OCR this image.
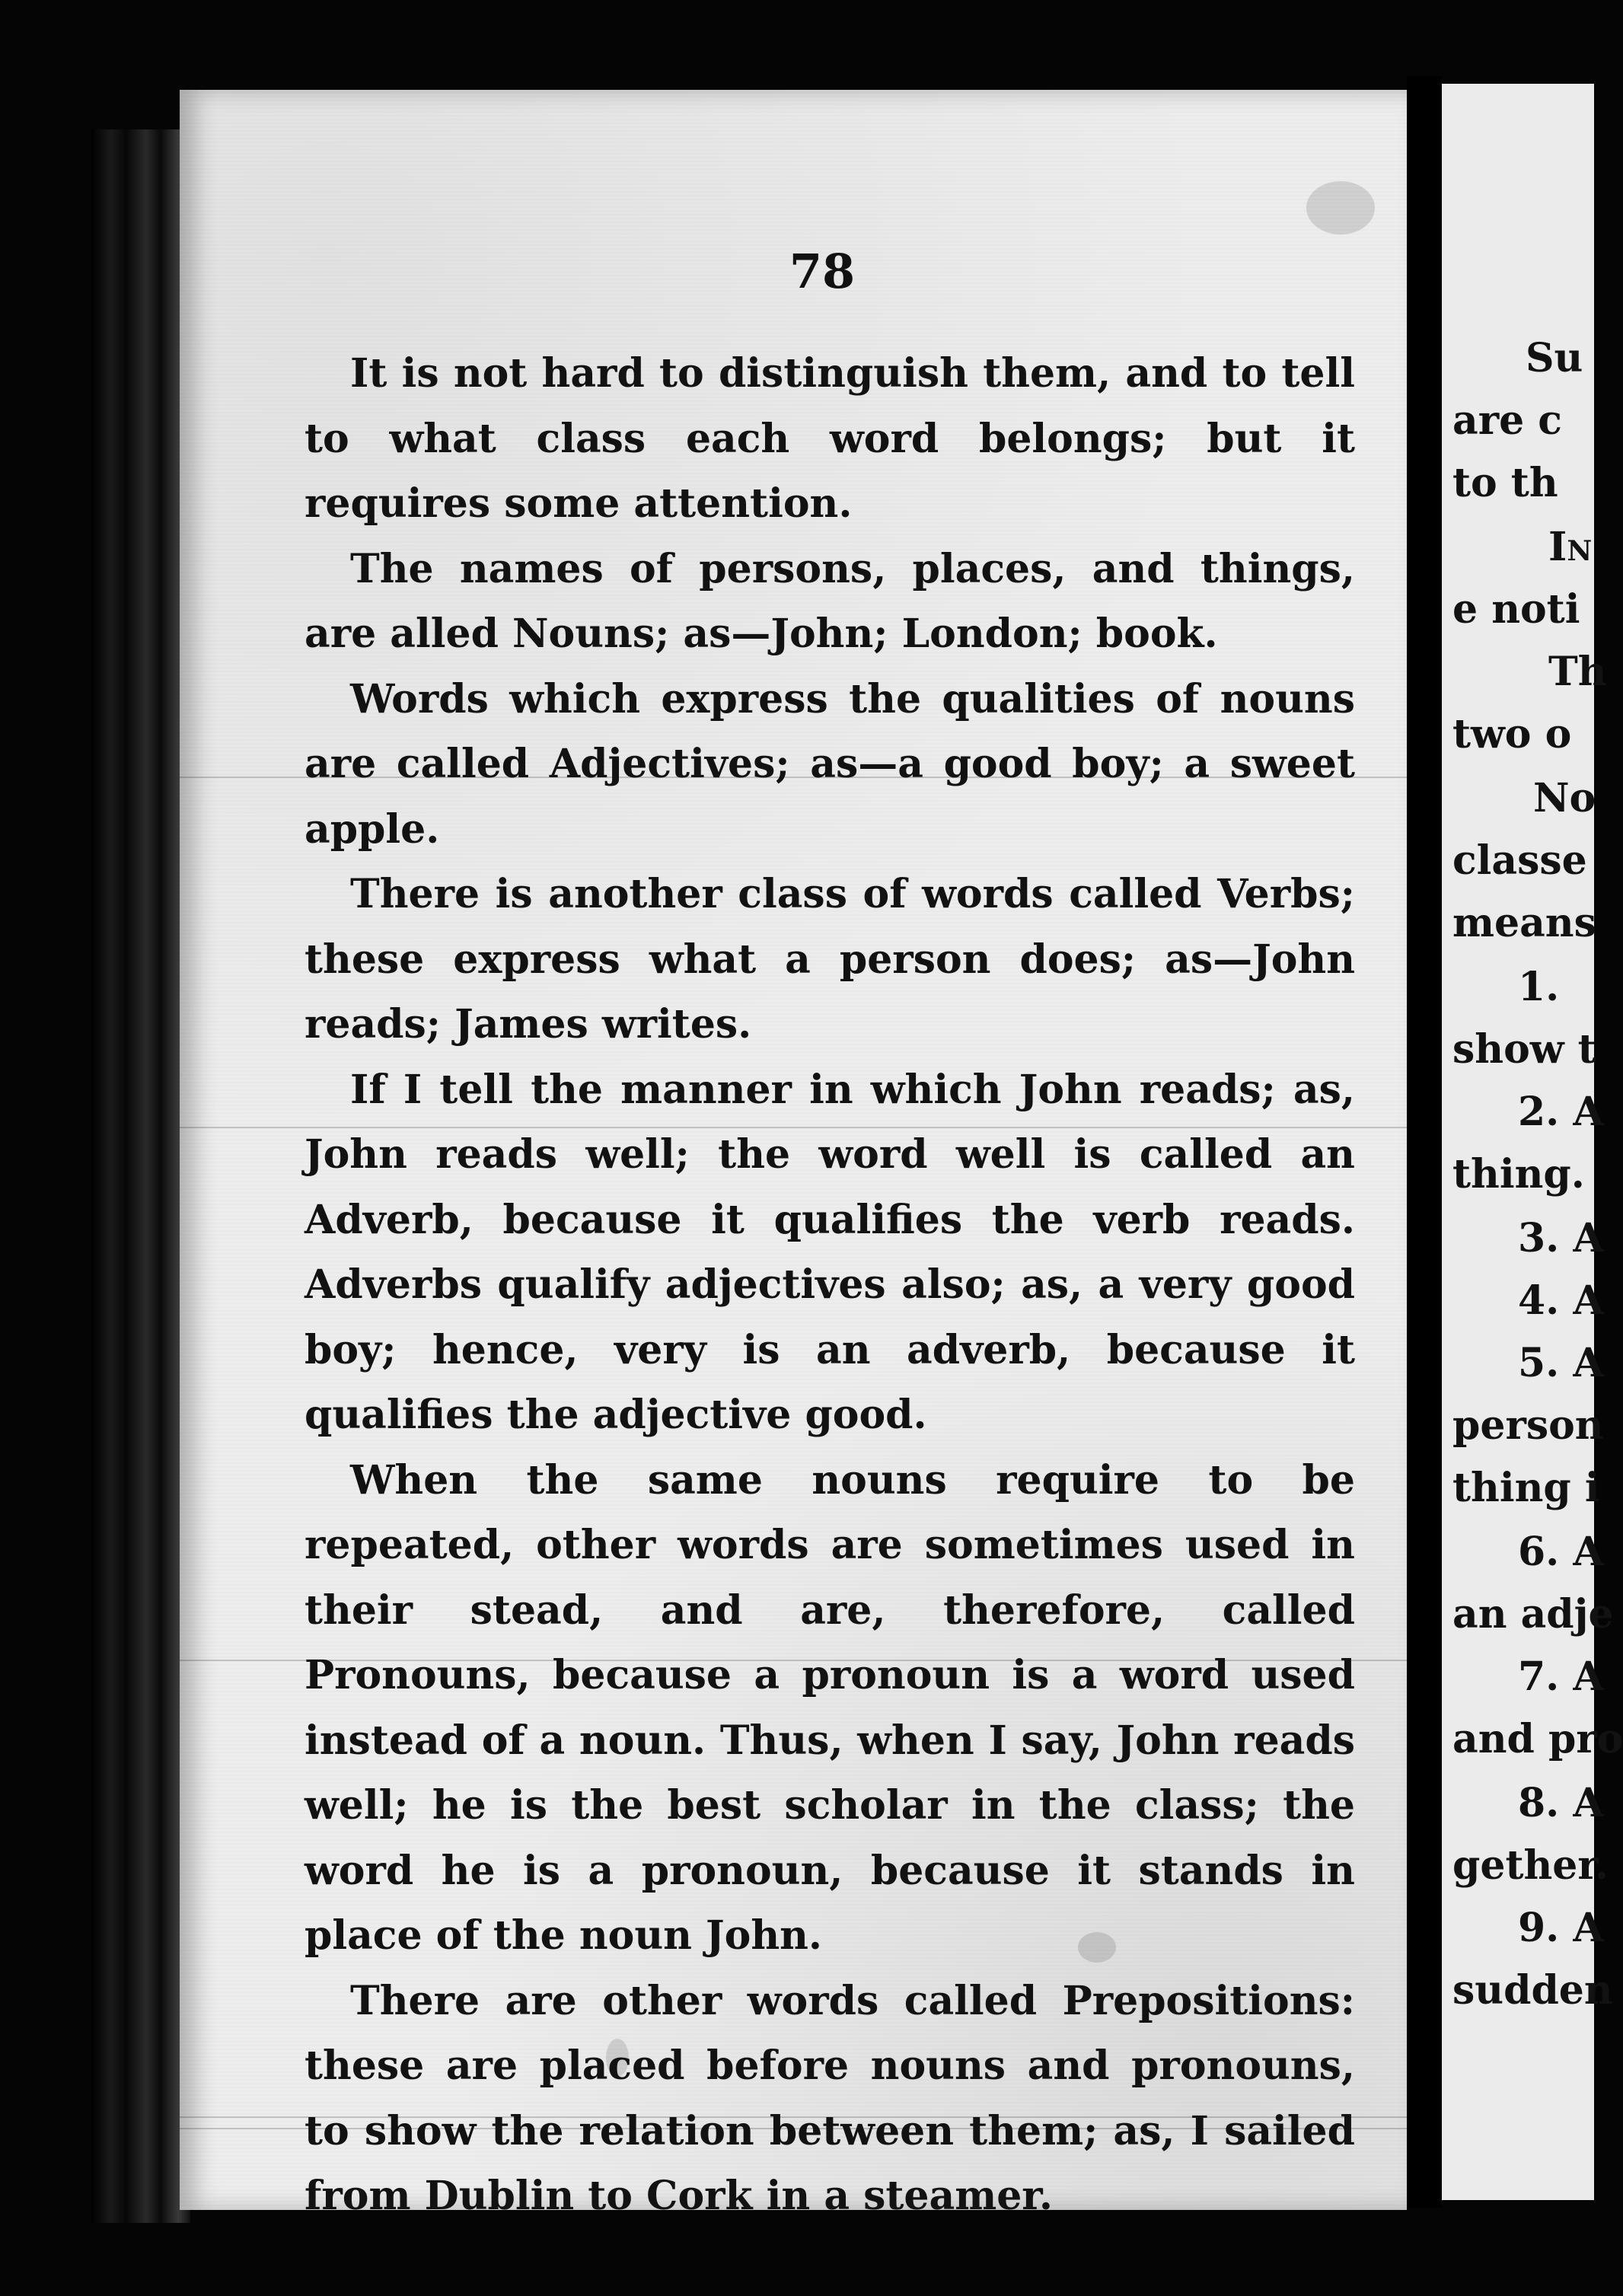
Su
are c
to th
In
e noti
Th
two o
No
classe
means
1.
show t
2. A
thing.
3. A
4. A
5. A
person
thing i
6. A
an adje
7. A
and pro
8. A
gether.
9. A
sudden
78

It is not hard to distinguish them, and to tell to what class each word belongs; but it requires some attention.

The names of persons, places, and things, are alled Nouns; as—John; London; book.

Words which express the qualities of nouns are called Adjectives; as—a good boy; a sweet apple.

There is another class of words called Verbs; these express what a person does; as—John reads; James writes.

If I tell the manner in which John reads; as, John reads well; the word well is called an Adverb, because it qualifies the verb reads. Adverbs qualify adjectives also; as, a very good boy; hence, very is an adverb, because it qualifies the adjective good.

When the same nouns require to be repeated, other words are sometimes used in their stead, and are, therefore, called Pronouns, because a pronoun is a word used instead of a noun. Thus, when I say, John reads well; he is the best scholar in the class; the word he is a pronoun, because it stands in place of the noun John.

There are other words called Prepositions: these are placed before nouns and pronouns, to show the relation between them; as, I sailed from Dublin to Cork in a steamer.
